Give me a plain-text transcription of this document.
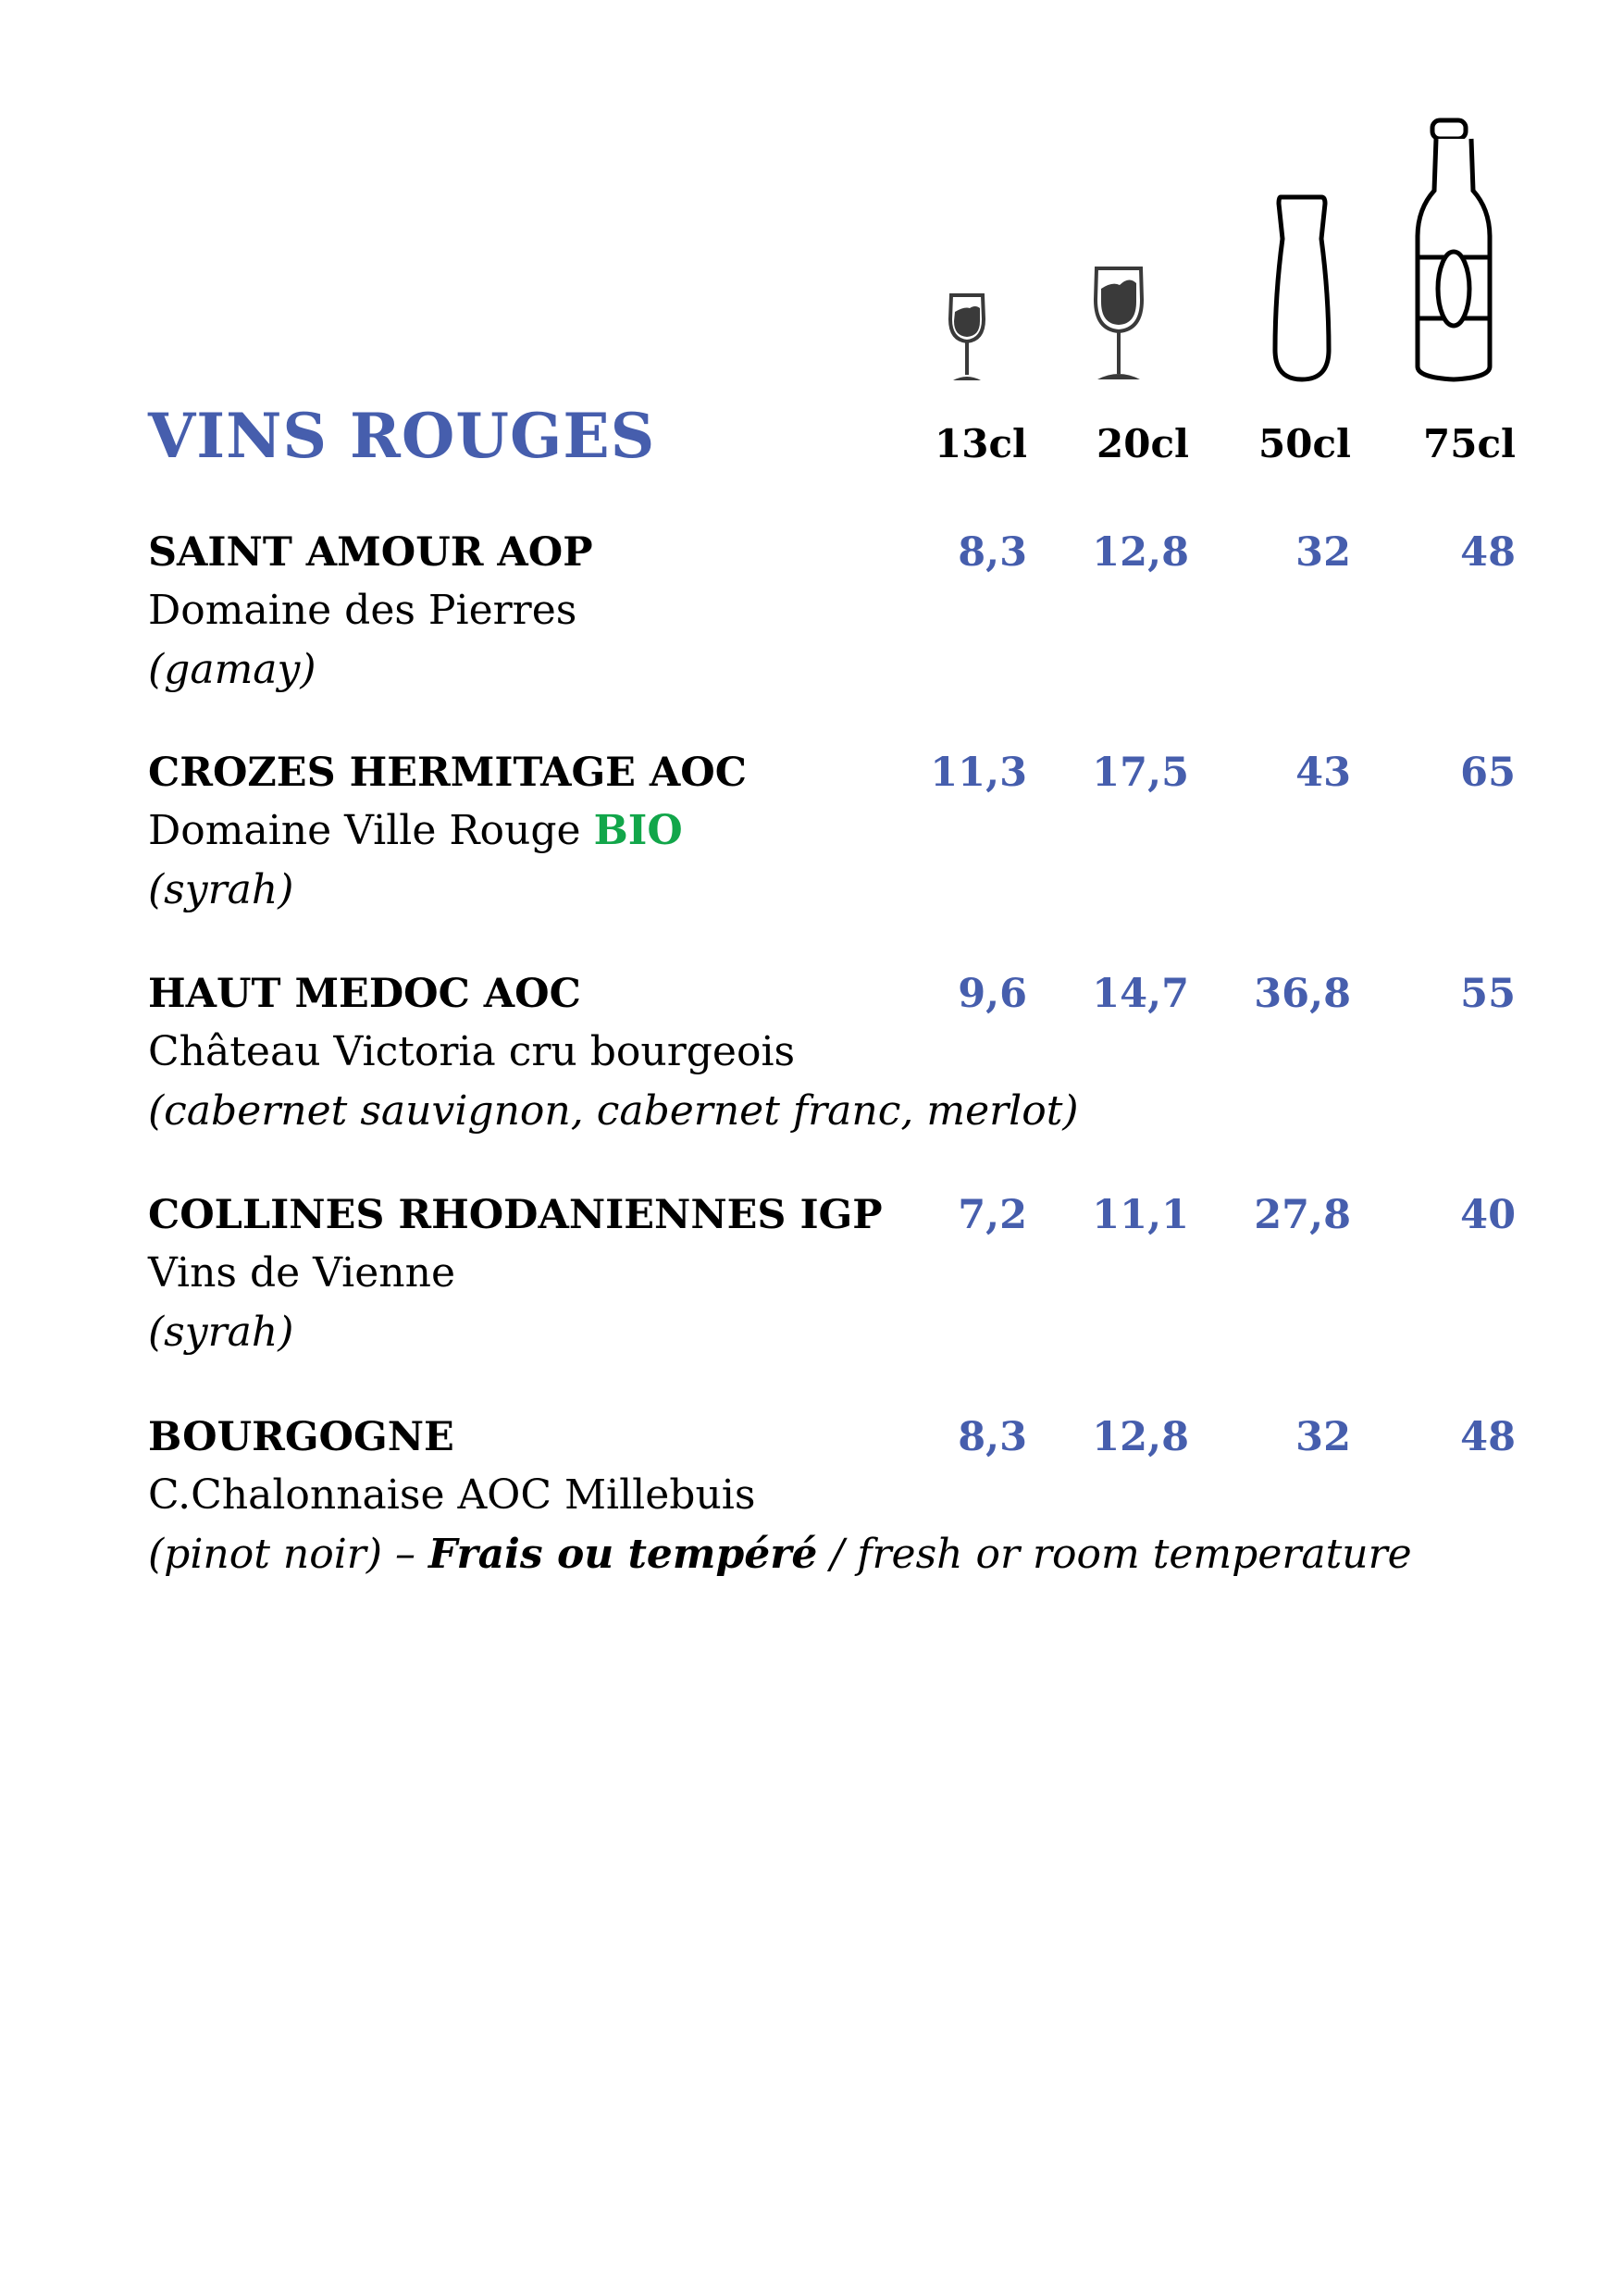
VINS ROUGES	13cl	20cl	50cl	75cl
SAINT AMOUR AOP	8,3	12,8	32	48
Domaine des Pierres
(gamay)
CROZES HERMITAGE AOC	11,3	17,5	43	65
Domaine Ville Rouge BIO
(syrah)
HAUT MEDOC AOC	9,6	14,7	36,8	55
Château Victoria cru bourgeois
(cabernet sauvignon, cabernet franc, merlot)
COLLINES RHODANIENNES IGP	7,2	11,1	27,8	40
Vins de Vienne
(syrah)
BOURGOGNE	8,3	12,8	32	48
C.Chalonnaise AOC Millebuis
(pinot noir) – Frais ou tempéré / fresh or room temperature
